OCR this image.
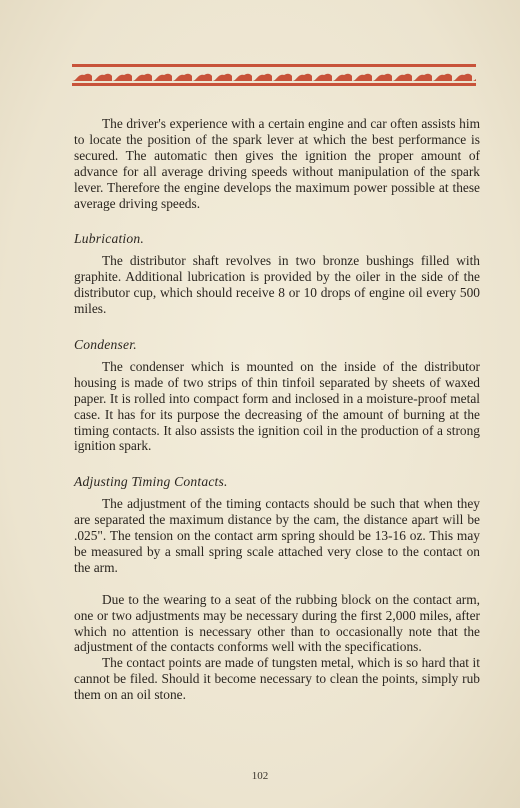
The driver's experience with a certain engine and car often assists him to locate the position of the spark lever at which the best performance is secured. The automatic then gives the ignition the proper amount of advance for all average driving speeds without manipulation of the spark lever. Therefore the engine develops the maximum power possible at these average driving speeds.

Lubrication.

The distributor shaft revolves in two bronze bushings filled with graphite. Additional lubrication is provided by the oiler in the side of the distributor cup, which should receive 8 or 10 drops of engine oil every 500 miles.

Condenser.

The condenser which is mounted on the inside of the distributor housing is made of two strips of thin tinfoil separated by sheets of waxed paper. It is rolled into compact form and inclosed in a moisture-proof metal case. It has for its purpose the decreasing of the amount of burning at the timing contacts. It also assists the ignition coil in the production of a strong ignition spark.

Adjusting Timing Contacts.

The adjustment of the timing contacts should be such that when they are separated the maximum distance by the cam, the distance apart will be .025". The tension on the contact arm spring should be 13-16 oz. This may be measured by a small spring scale attached very close to the contact on the arm.

Due to the wearing to a seat of the rubbing block on the contact arm, one or two adjustments may be necessary during the first 2,000 miles, after which no attention is necessary other than to occasionally note that the adjustment of the contacts conforms well with the specifications.

The contact points are made of tungsten metal, which is so hard that it cannot be filed. Should it become necessary to clean the points, simply rub them on an oil stone.

102
